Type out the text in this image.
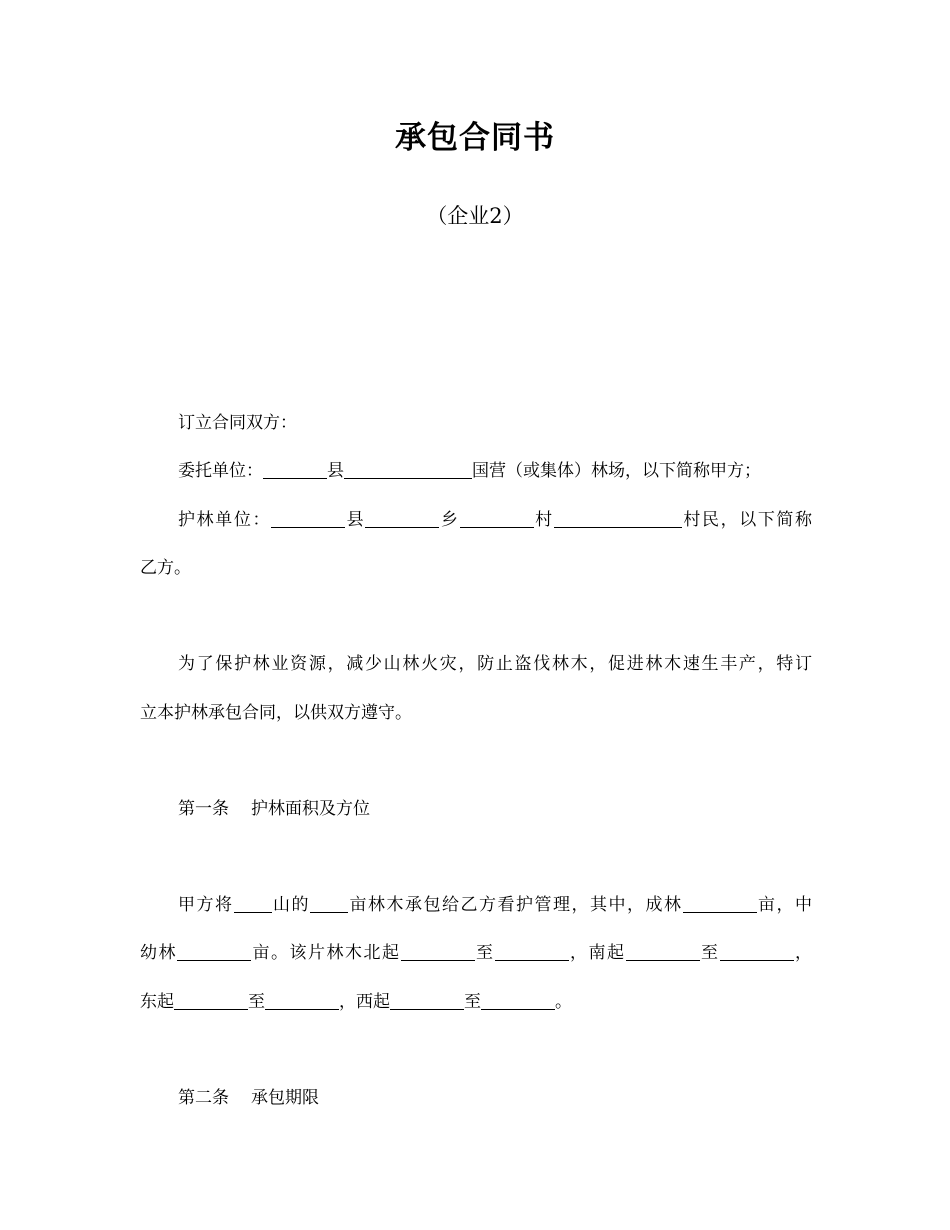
承包合同书
（企业2）
订立合同双方：
委托单位：	县	国营（或集体）林场，以下简称甲方；
护林单位：	县	乡	村	村民，以下简称
乙方。
为了保护林业资源，减少山林火灾，防止盗伐林木，促进林木速生丰产，特订
立本护林承包合同，以供双方遵守。
第一条 护林面积及方位
甲方将 山的 亩林木承包给乙方看护管理，其中，成林	亩，中
幼林	亩。该片林木北起	至	，南起	至	，
东起	至	，西起	至	。
第二条 承包期限
